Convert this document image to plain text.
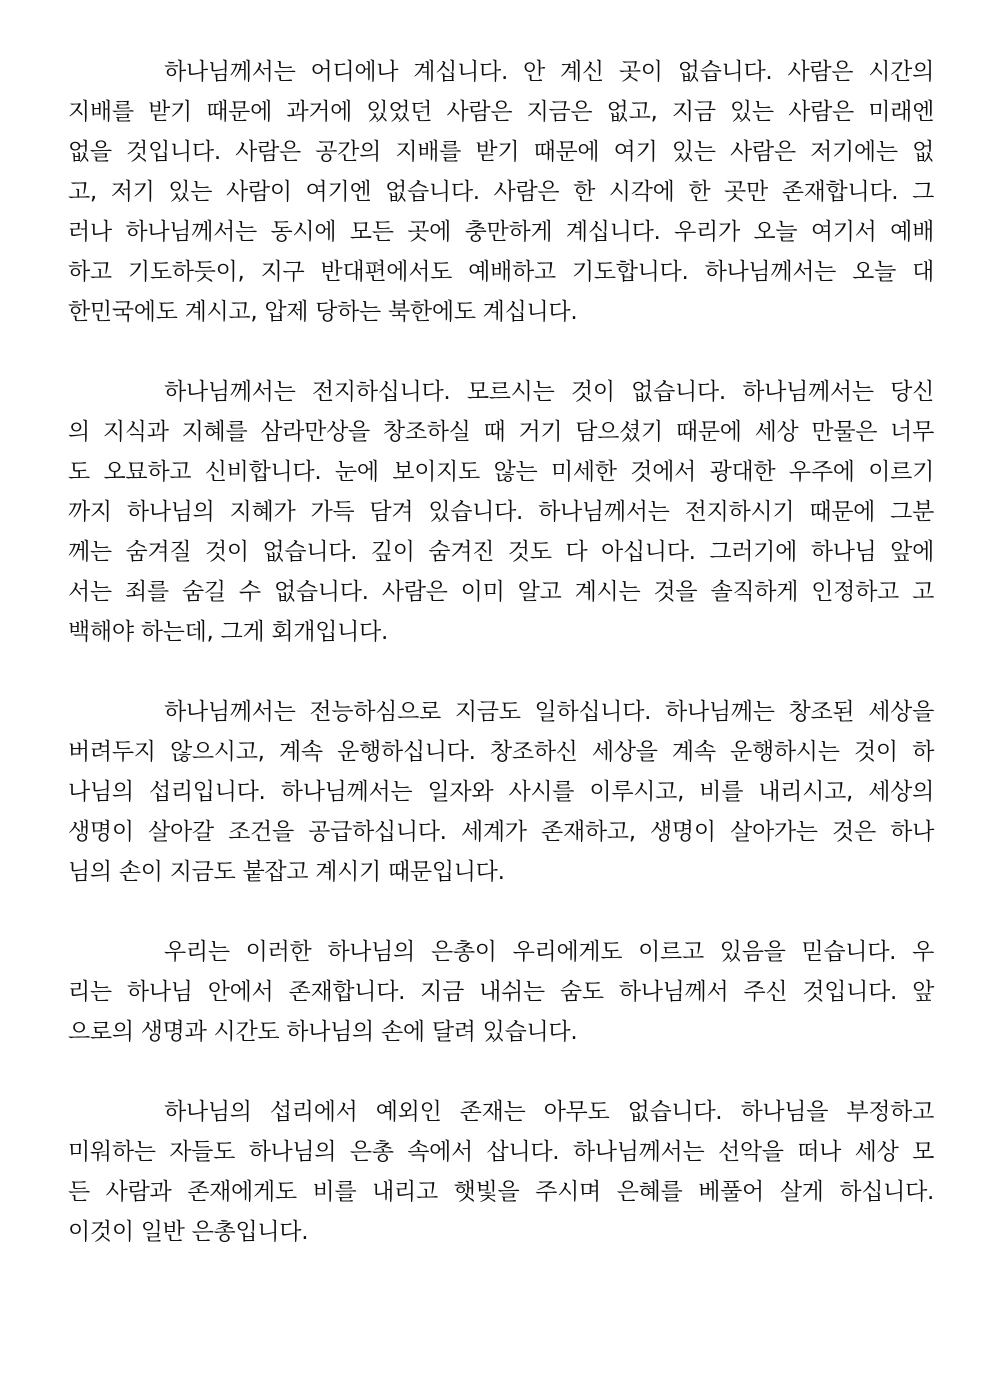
하나님께서는 어디에나 계십니다. 안 계신 곳이 없습니다. 사람은 시간의
지배를 받기 때문에 과거에 있었던 사람은 지금은 없고, 지금 있는 사람은 미래엔
없을 것입니다. 사람은 공간의 지배를 받기 때문에 여기 있는 사람은 저기에는 없
고, 저기 있는 사람이 여기엔 없습니다. 사람은 한 시각에 한 곳만 존재합니다. 그
러나 하나님께서는 동시에 모든 곳에 충만하게 계십니다. 우리가 오늘 여기서 예배
하고 기도하듯이, 지구 반대편에서도 예배하고 기도합니다. 하나님께서는 오늘 대
한민국에도 계시고, 압제 당하는 북한에도 계십니다.
하나님께서는 전지하십니다. 모르시는 것이 없습니다. 하나님께서는 당신
의 지식과 지혜를 삼라만상을 창조하실 때 거기 담으셨기 때문에 세상 만물은 너무
도 오묘하고 신비합니다. 눈에 보이지도 않는 미세한 것에서 광대한 우주에 이르기
까지 하나님의 지혜가 가득 담겨 있습니다. 하나님께서는 전지하시기 때문에 그분
께는 숨겨질 것이 없습니다. 깊이 숨겨진 것도 다 아십니다. 그러기에 하나님 앞에
서는 죄를 숨길 수 없습니다. 사람은 이미 알고 계시는 것을 솔직하게 인정하고 고
백해야 하는데, 그게 회개입니다.
하나님께서는 전능하심으로 지금도 일하십니다. 하나님께는 창조된 세상을
버려두지 않으시고, 계속 운행하십니다. 창조하신 세상을 계속 운행하시는 것이 하
나님의 섭리입니다. 하나님께서는 일자와 사시를 이루시고, 비를 내리시고, 세상의
생명이 살아갈 조건을 공급하십니다. 세계가 존재하고, 생명이 살아가는 것은 하나
님의 손이 지금도 붙잡고 계시기 때문입니다.
우리는 이러한 하나님의 은총이 우리에게도 이르고 있음을 믿습니다. 우
리는 하나님 안에서 존재합니다. 지금 내쉬는 숨도 하나님께서 주신 것입니다. 앞
으로의 생명과 시간도 하나님의 손에 달려 있습니다.
하나님의 섭리에서 예외인 존재는 아무도 없습니다. 하나님을 부정하고
미워하는 자들도 하나님의 은총 속에서 삽니다. 하나님께서는 선악을 떠나 세상 모
든 사람과 존재에게도 비를 내리고 햇빛을 주시며 은혜를 베풀어 살게 하십니다.
이것이 일반 은총입니다.
